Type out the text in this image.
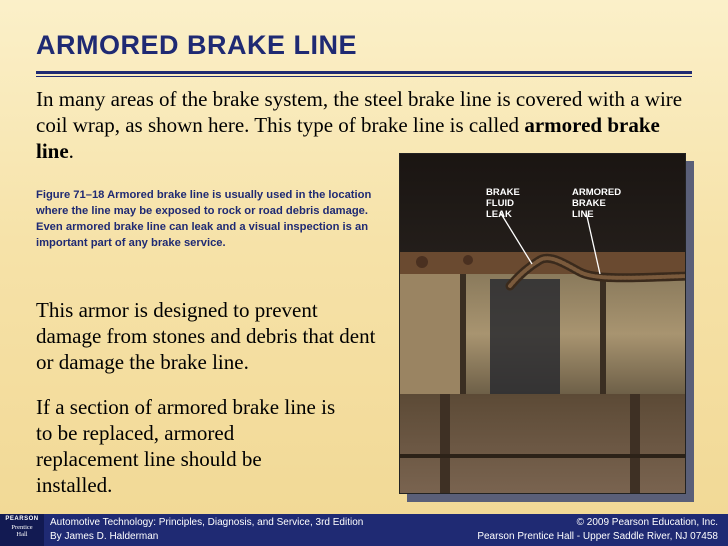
ARMORED BRAKE LINE
In many areas of the brake system, the steel brake line is covered with a wire coil wrap, as shown here. This type of brake line is called armored brake line.
Figure 71–18 Armored brake line is usually used in the location where the line may be exposed to rock or road debris damage. Even armored brake line can leak and a visual inspection is an important part of any brake service.
This armor is designed to prevent damage from stones and debris that dent or damage the brake line.
If a section of armored brake line is to be replaced, armored replacement line should be installed.
BRAKE
FLUID
LEAK
ARMORED
BRAKE
LINE
PEARSON
Prentice
Hall
Automotive Technology: Principles, Diagnosis, and Service, 3rd Edition
By James D. Halderman
© 2009 Pearson Education, Inc.
Pearson Prentice Hall - Upper Saddle River, NJ 07458
